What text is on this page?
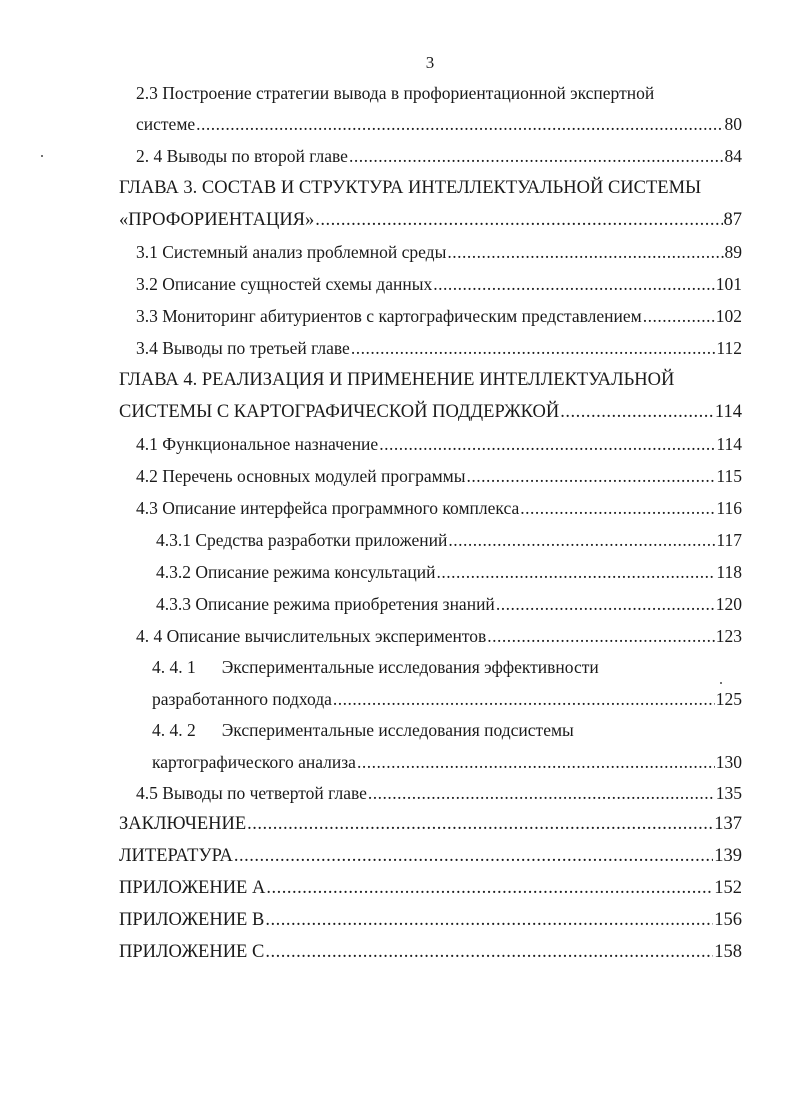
3
2.3 Построение стратегии вывода в профориентационной экспертной
системе .....	80
2. 4 Выводы по второй главе .....	84
ГЛАВА 3. СОСТАВ И СТРУКТУРА ИНТЕЛЛЕКТУАЛЬНОЙ СИСТЕМЫ
«ПРОФОРИЕНТАЦИЯ» .....	87
3.1 Системный анализ проблемной среды .....	89
3.2 Описание сущностей схемы данных .....	101
3.3 Мониторинг абитуриентов с картографическим представлением .....	102
3.4 Выводы по третьей главе .....	112
ГЛАВА 4. РЕАЛИЗАЦИЯ И ПРИМЕНЕНИЕ ИНТЕЛЛЕКТУАЛЬНОЙ
СИСТЕМЫ С КАРТОГРАФИЧЕСКОЙ ПОДДЕРЖКОЙ .....	114
4.1 Функциональное назначение .....	114
4.2 Перечень основных модулей программы .....	115
4.3 Описание интерфейса программного комплекса .....	116
4.3.1 Средства разработки приложений .....	117
4.3.2 Описание режима консультаций .....	118
4.3.3 Описание режима приобретения знаний .....	120
4. 4 Описание вычислительных экспериментов .....	123
4. 4. 1 Экспериментальные исследования эффективности
разработанного подхода .....	125
4. 4. 2 Экспериментальные исследования подсистемы
картографического анализа .....	130
4.5 Выводы по четвертой главе .....	135
ЗАКЛЮЧЕНИЕ .....	137
ЛИТЕРАТУРА .....	139
ПРИЛОЖЕНИЕ A .....	152
ПРИЛОЖЕНИЕ B .....	156
ПРИЛОЖЕНИЕ C .....	158
